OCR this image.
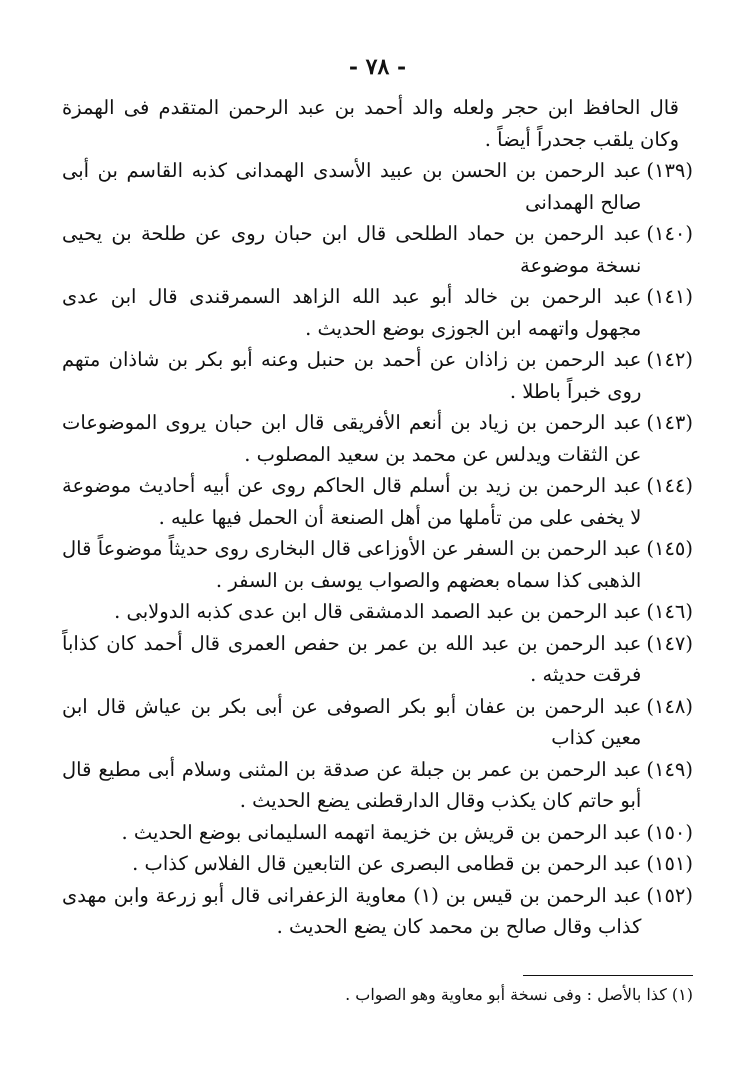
- ٧٨ -

قال الحافظ ابن حجر ولعله والد أحمد بن عبد الرحمن المتقدم فى الهمزة وكان يلقب جحدراً أيضاً .

(١٣٩)
عبد الرحمن بن الحسن بن عبيد الأسدى الهمدانى كذبه القاسم بن أبى صالح الهمدانى
(١٤٠)
عبد الرحمن بن حماد الطلحى قال ابن حبان روى عن طلحة بن يحيى نسخة موضوعة
(١٤١)
عبد الرحمن بن خالد أبو عبد الله الزاهد السمرقندى قال ابن عدى مجهول واتهمه ابن الجوزى بوضع الحديث .
(١٤٢)
عبد الرحمن بن زاذان عن أحمد بن حنبل وعنه أبو بكر بن شاذان متهم روى خبراً باطلا .
(١٤٣)
عبد الرحمن بن زياد بن أنعم الأفريقى قال ابن حبان يروى الموضوعات عن الثقات ويدلس عن محمد بن سعيد المصلوب .
(١٤٤)
عبد الرحمن بن زيد بن أسلم قال الحاكم روى عن أبيه أحاديث موضوعة لا يخفى على من تأملها من أهل الصنعة أن الحمل فيها عليه .
(١٤٥)
عبد الرحمن بن السفر عن الأوزاعى قال البخارى روى حديثاً موضوعاً قال الذهبى كذا سماه بعضهم والصواب يوسف بن السفر .
(١٤٦)
عبد الرحمن بن عبد الصمد الدمشقى قال ابن عدى كذبه الدولابى .
(١٤٧)
عبد الرحمن بن عبد الله بن عمر بن حفص العمرى قال أحمد كان كذاباً فرقت حديثه .
(١٤٨)
عبد الرحمن بن عفان أبو بكر الصوفى عن أبى بكر بن عياش قال ابن معين كذاب
(١٤٩)
عبد الرحمن بن عمر بن جبلة عن صدقة بن المثنى وسلام أبى مطيع قال أبو حاتم كان يكذب وقال الدارقطنى يضع الحديث .
(١٥٠)
عبد الرحمن بن قريش بن خزيمة اتهمه السليمانى بوضع الحديث .
(١٥١)
عبد الرحمن بن قطامى البصرى عن التابعين قال الفلاس كذاب .
(١٥٢)
عبد الرحمن بن قيس بن (١) معاوية الزعفرانى قال أبو زرعة وابن مهدى كذاب وقال صالح بن محمد كان يضع الحديث .
(١) كذا بالأصل : وفى نسخة أبو معاوية وهو الصواب .
